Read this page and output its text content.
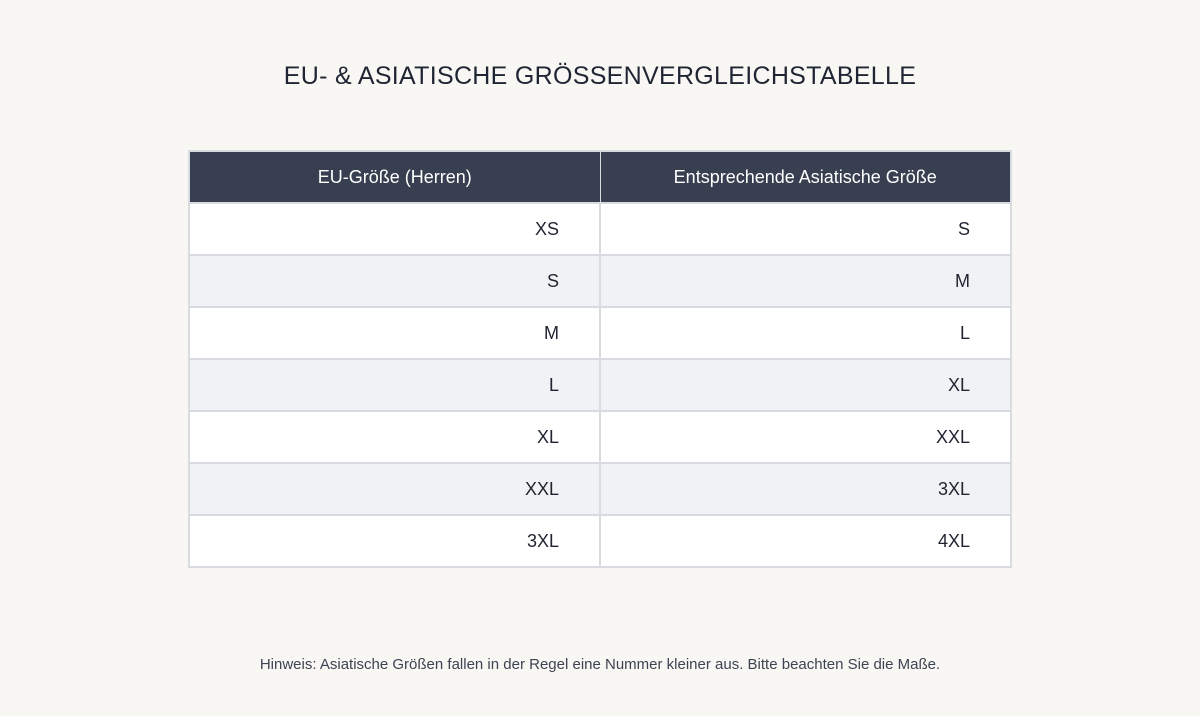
EU- & ASIATISCHE GRÖSSENVERGLEICHSTABELLE
EU-Größe (Herren)	Entsprechende Asiatische Größe
XS	S
S	M
M	L
L	XL
XL	XXL
XXL	3XL
3XL	4XL
Hinweis: Asiatische Größen fallen in der Regel eine Nummer kleiner aus. Bitte beachten Sie die Maße.
